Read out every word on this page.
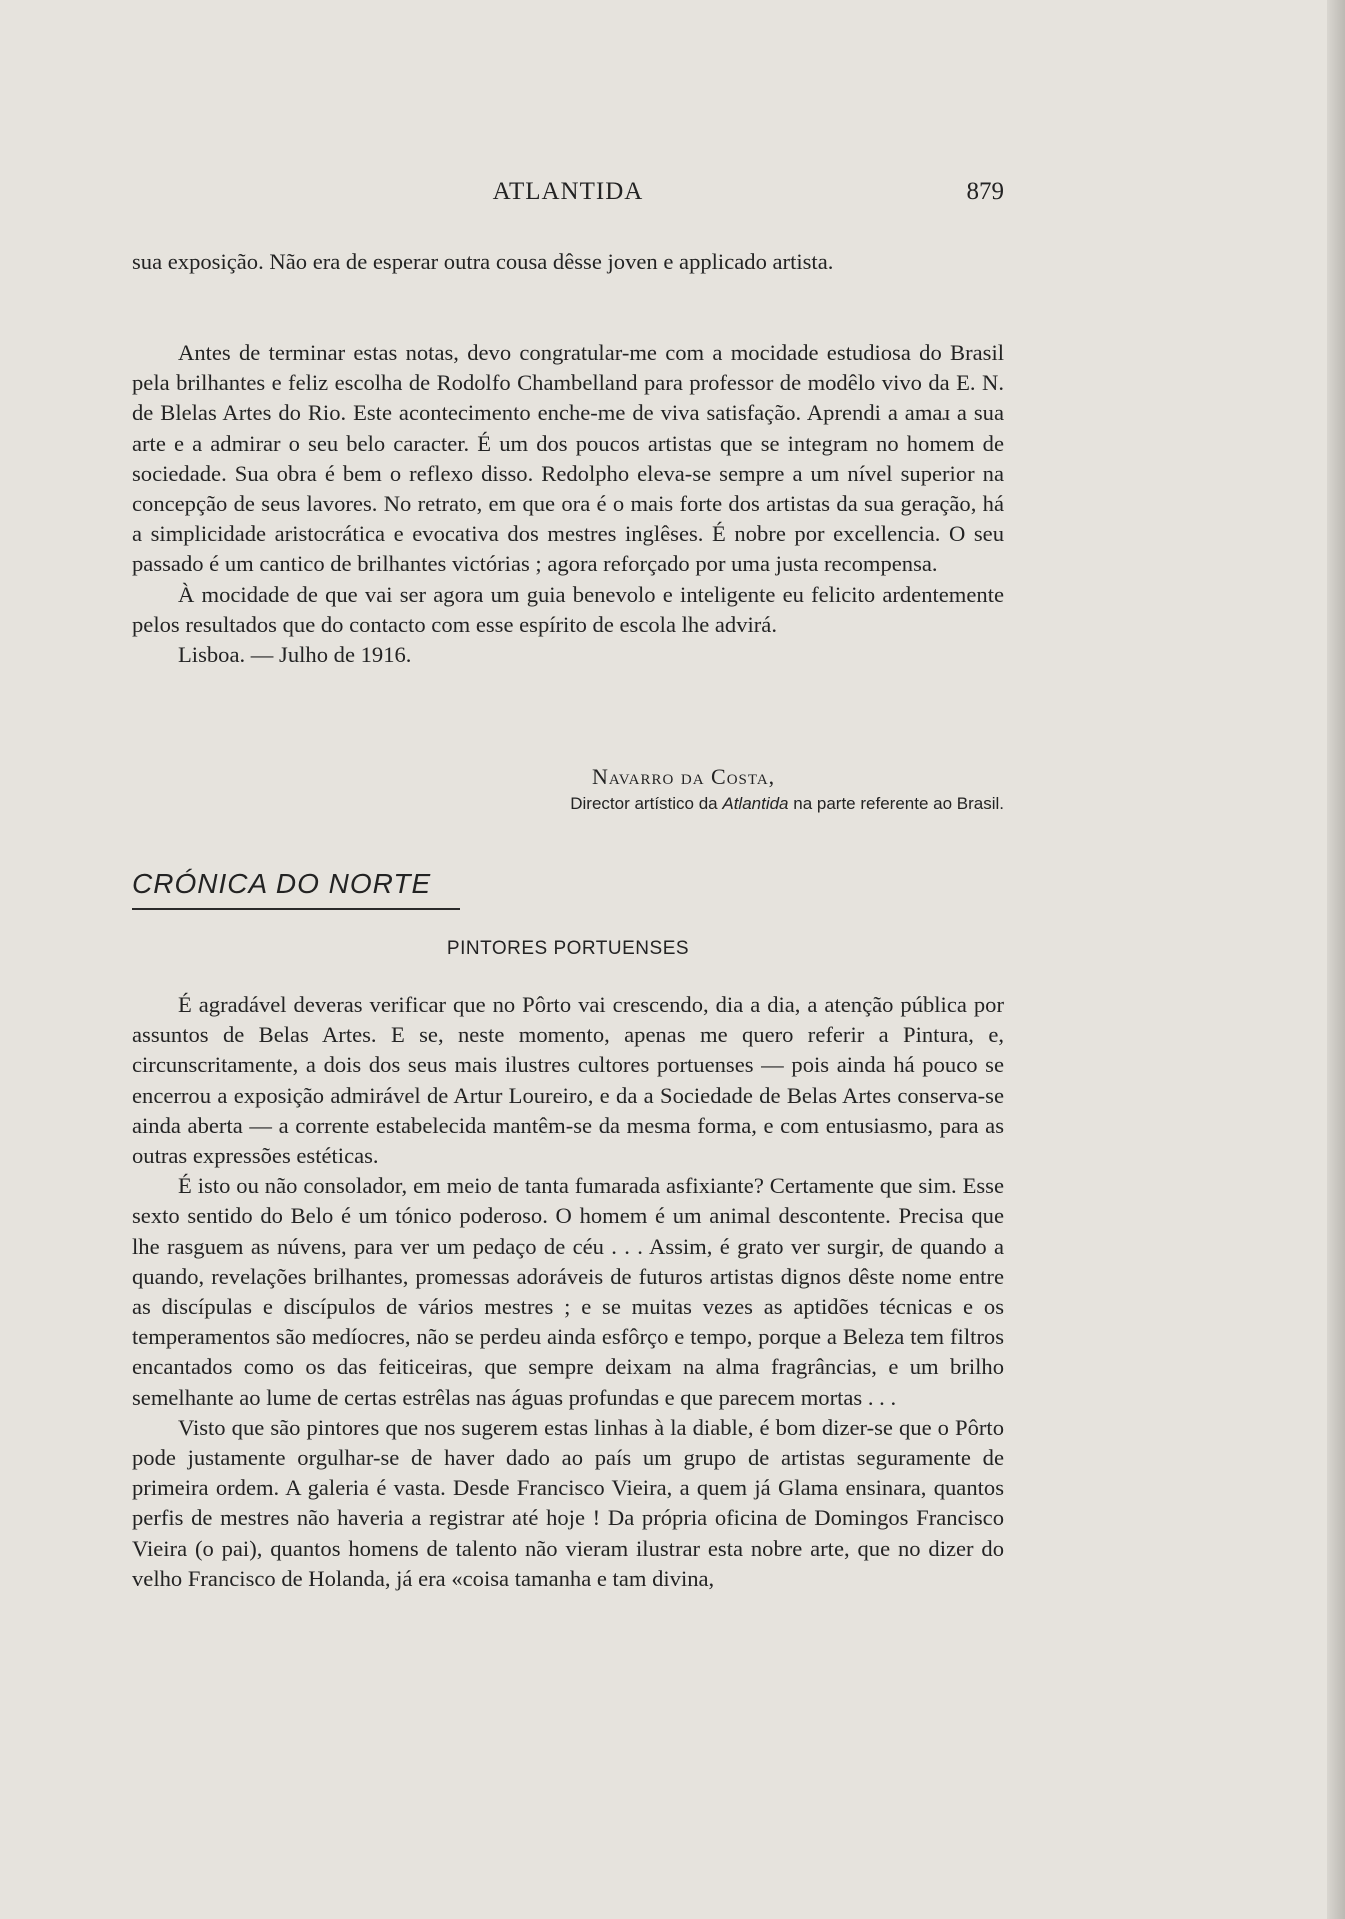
ATLANTIDA	879

sua exposição. Não era de esperar outra cousa dêsse joven e applicado artista.

Antes de terminar estas notas, devo congratular-me com a mocidade estudiosa do Brasil pela brilhantes e feliz escolha de Rodolfo Chambelland para professor de modêlo vivo da E. N. de Blelas Artes do Rio. Este acontecimento enche-me de viva satisfação. Aprendi a amaɹ a sua arte e a admirar o seu belo caracter. É um dos poucos artistas que se integram no homem de sociedade. Sua obra é bem o reflexo disso. Redolpho eleva-se sempre a um nível superior na concepção de seus lavores. No retrato, em que ora é o mais forte dos artistas da sua geração, há a simplicidade aristocrática e evocativa dos mestres inglêses. É nobre por excellencia. O seu passado é um cantico de brilhantes victórias ; agora reforçado por uma justa recompensa.

À mocidade de que vai ser agora um guia benevolo e inteligente eu felicito ardentemente pelos resultados que do contacto com esse espírito de escola lhe advirá.

Lisboa. — Julho de 1916.

Navarro da Costa,

Director artístico da Atlantida na parte referente ao Brasil.

CRÓNICA DO NORTE
PINTORES PORTUENSES

É agradável deveras verificar que no Pôrto vai crescendo, dia a dia, a atenção pública por assuntos de Belas Artes. E se, neste momento, apenas me quero referir a Pintura, e, circunscritamente, a dois dos seus mais ilustres cultores portuenses — pois ainda há pouco se encerrou a exposição admirável de Artur Loureiro, e da a Sociedade de Belas Artes conserva-se ainda aberta — a corrente estabelecida mantêm-se da mesma forma, e com entusiasmo, para as outras expressões estéticas.

É isto ou não consolador, em meio de tanta fumarada asfixiante? Certamente que sim. Esse sexto sentido do Belo é um tónico poderoso. O homem é um animal descontente. Precisa que lhe rasguem as núvens, para ver um pedaço de céu . . . Assim, é grato ver surgir, de quando a quando, revelações brilhantes, promessas adoráveis de futuros artistas dignos dêste nome entre as discípulas e discípulos de vários mestres ; e se muitas vezes as aptidões técnicas e os temperamentos são medíocres, não se perdeu ainda esfôrço e tempo, porque a Beleza tem filtros encantados como os das feiticeiras, que sempre deixam na alma fragrâncias, e um brilho semelhante ao lume de certas estrêlas nas águas profundas e que parecem mortas . . .

Visto que são pintores que nos sugerem estas linhas à la diable, é bom dizer-se que o Pôrto pode justamente orgulhar-se de haver dado ao país um grupo de artistas seguramente de primeira ordem. A galeria é vasta. Desde Francisco Vieira, a quem já Glama ensinara, quantos perfis de mestres não haveria a registrar até hoje ! Da própria oficina de Domingos Francisco Vieira (o pai), quantos homens de talento não vieram ilustrar esta nobre arte, que no dizer do velho Francisco de Holanda, já era «coisa tamanha e tam divina,
